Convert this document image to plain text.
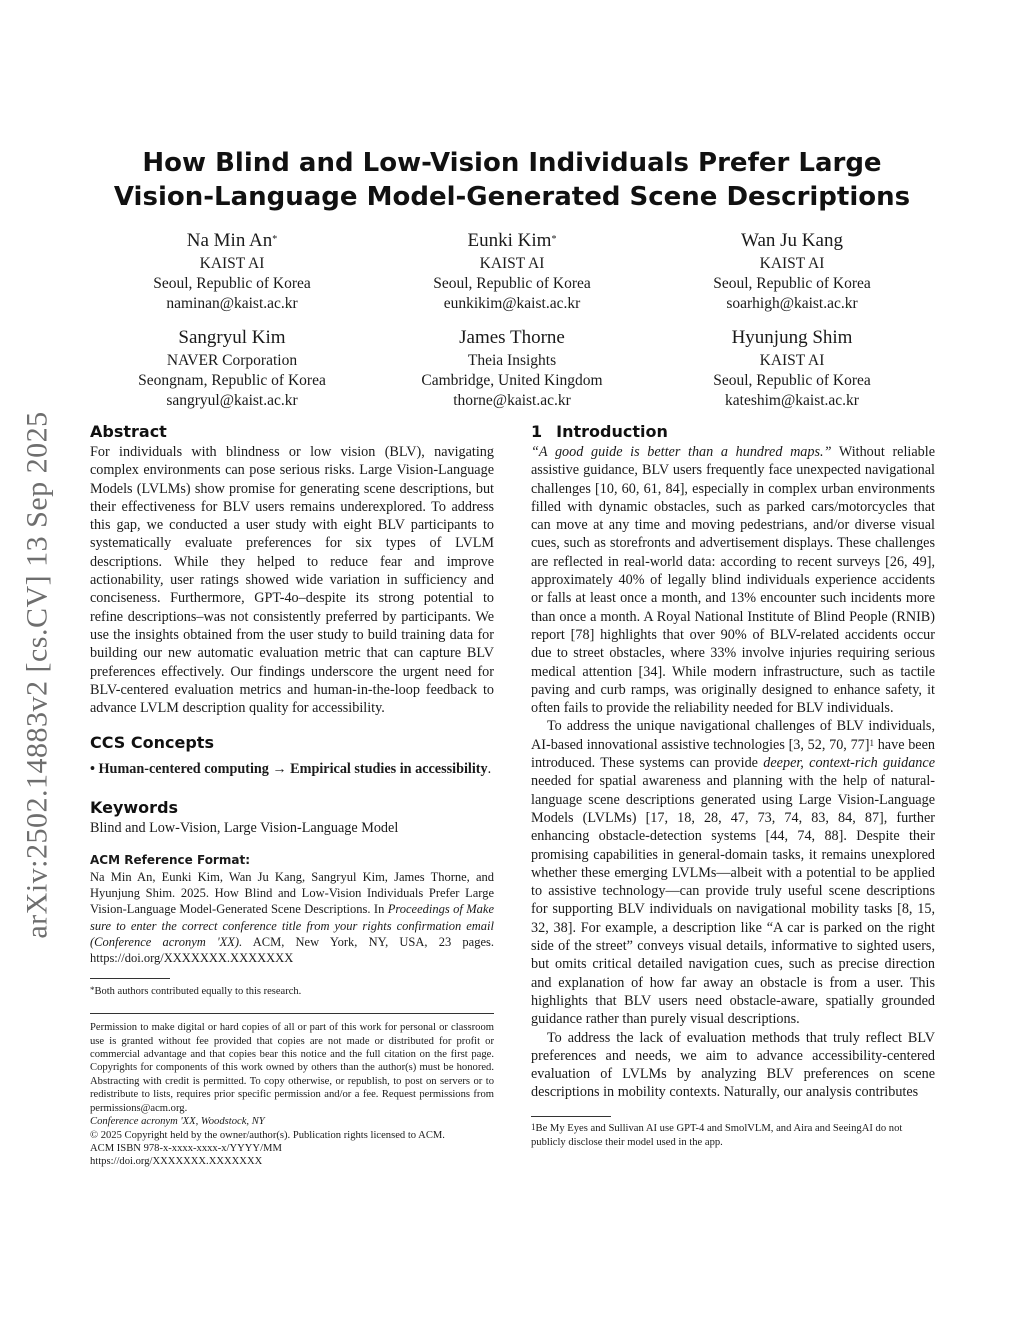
arXiv:2502.14883v2 [cs.CV] 13 Sep 2025
How Blind and Low-Vision Individuals Prefer Large
Vision-Language Model-Generated Scene Descriptions
Na Min An*
KAIST AI
Seoul, Republic of Korea
naminan@kaist.ac.kr
Eunki Kim*
KAIST AI
Seoul, Republic of Korea
eunkikim@kaist.ac.kr
Wan Ju Kang
KAIST AI
Seoul, Republic of Korea
soarhigh@kaist.ac.kr
Sangryul Kim
NAVER Corporation
Seongnam, Republic of Korea
sangryul@kaist.ac.kr
James Thorne
Theia Insights
Cambridge, United Kingdom
thorne@kaist.ac.kr
Hyunjung Shim
KAIST AI
Seoul, Republic of Korea
kateshim@kaist.ac.kr
Abstract

For individuals with blindness or low vision (BLV), navigating complex environments can pose serious risks. Large Vision-Language Models (LVLMs) show promise for generating scene descriptions, but their effectiveness for BLV users remains underexplored. To address this gap, we conducted a user study with eight BLV participants to systematically evaluate preferences for six types of LVLM descriptions. While they helped to reduce fear and improve actionability, user ratings showed wide variation in sufficiency and conciseness. Furthermore, GPT-4o–despite its strong potential to refine descriptions–was not consistently preferred by participants. We use the insights obtained from the user study to build training data for building our new automatic evaluation metric that can capture BLV preferences effectively. Our findings underscore the urgent need for BLV-centered evaluation metrics and human-in-the-loop feedback to advance LVLM description quality for accessibility.

CCS Concepts
• Human-centered computing → Empirical studies in accessibility.
Keywords

Blind and Low-Vision, Large Vision-Language Model

ACM Reference Format:

Na Min An, Eunki Kim, Wan Ju Kang, Sangryul Kim, James Thorne, and Hyunjung Shim. 2025. How Blind and Low-Vision Individuals Prefer Large Vision-Language Model-Generated Scene Descriptions. In Proceedings of Make sure to enter the correct conference title from your rights confirmation email (Conference acronym 'XX). ACM, New York, NY, USA, 23 pages. https://doi.org/XXXXXXX.XXXXXXX

*Both authors contributed equally to this research.
Permission to make digital or hard copies of all or part of this work for personal or classroom use is granted without fee provided that copies are not made or distributed for profit or commercial advantage and that copies bear this notice and the full citation on the first page. Copyrights for components of this work owned by others than the author(s) must be honored. Abstracting with credit is permitted. To copy otherwise, or republish, to post on servers or to redistribute to lists, requires prior specific permission and/or a fee. Request permissions from permissions@acm.org.
Conference acronym 'XX, Woodstock, NY
© 2025 Copyright held by the owner/author(s). Publication rights licensed to ACM.
ACM ISBN 978-x-xxxx-xxxx-x/YYYY/MM
https://doi.org/XXXXXXX.XXXXXXX
1 Introduction

“A good guide is better than a hundred maps.” Without reliable assistive guidance, BLV users frequently face unexpected navigational challenges [10, 60, 61, 84], especially in complex urban environments filled with dynamic obstacles, such as parked cars/motorcycles that can move at any time and moving pedestrians, and/or diverse visual cues, such as storefronts and advertisement displays. These challenges are reflected in real-world data: according to recent surveys [26, 49], approximately 40% of legally blind individuals experience accidents or falls at least once a month, and 13% encounter such incidents more than once a month. A Royal National Institute of Blind People (RNIB) report [78] highlights that over 90% of BLV-related accidents occur due to street obstacles, where 33% involve injuries requiring serious medical attention [34]. While modern infrastructure, such as tactile paving and curb ramps, was originally designed to enhance safety, it often fails to provide the reliability needed for BLV individuals.

To address the unique navigational challenges of BLV individuals, AI-based innovational assistive technologies [3, 52, 70, 77]$^1$ have been introduced. These systems can provide deeper, context-rich guidance needed for spatial awareness and planning with the help of natural-language scene descriptions generated using Large Vision-Language Models (LVLMs) [17, 18, 28, 47, 73, 74, 83, 84, 87], further enhancing obstacle-detection systems [44, 74, 88]. Despite their promising capabilities in general-domain tasks, it remains unexplored whether these emerging LVLMs—albeit with a potential to be applied to assistive technology—can provide truly useful scene descriptions for supporting BLV individuals on navigational mobility tasks [8, 15, 32, 38]. For example, a description like “A car is parked on the right side of the street” conveys visual details, informative to sighted users, but omits critical detailed navigation cues, such as precise direction and explanation of how far away an obstacle is from a user. This highlights that BLV users need obstacle-aware, spatially grounded guidance rather than purely visual descriptions.

To address the lack of evaluation methods that truly reflect BLV preferences and needs, we aim to advance accessibility-centered evaluation of LVLMs by analyzing BLV preferences on scene descriptions in mobility contexts. Naturally, our analysis contributes

$^1$Be My Eyes and Sullivan AI use GPT-4 and SmolVLM, and Aira and SeeingAI do not publicly disclose their model used in the app.
